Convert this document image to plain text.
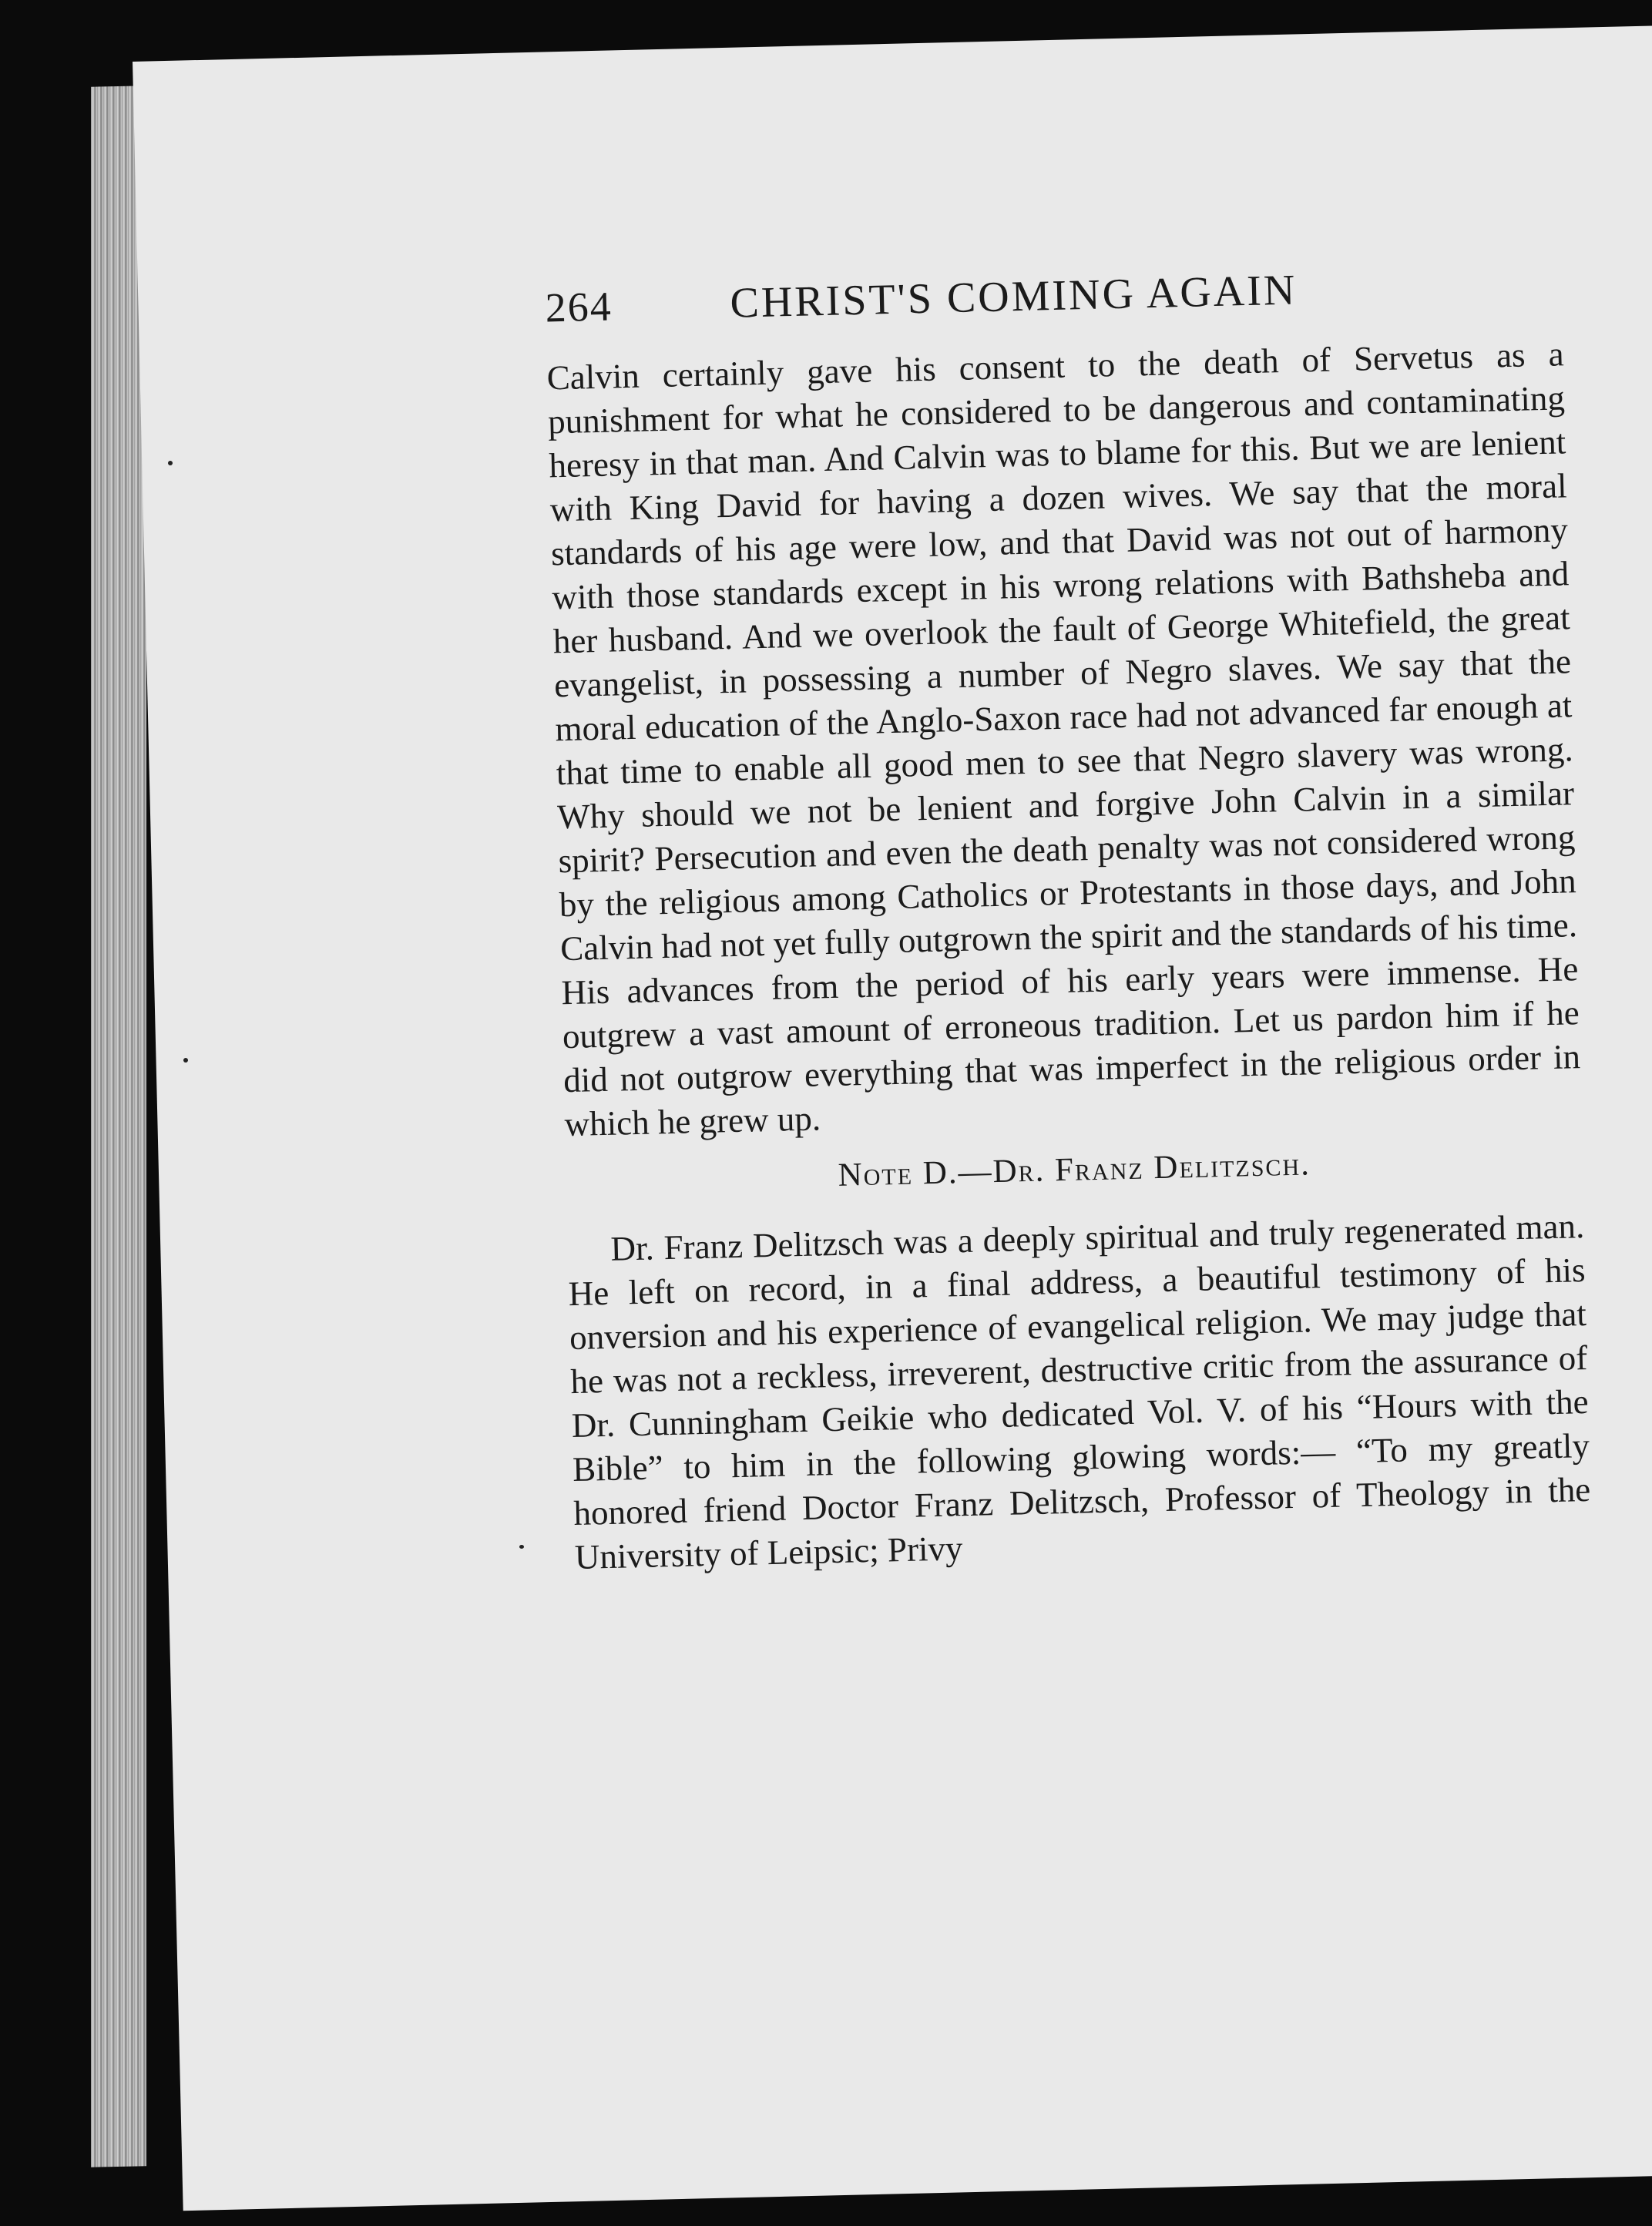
264	CHRIST'S COMING AGAIN

Calvin certainly gave his consent to the death of Servetus as a punishment for what he considered to be dangerous and contaminating heresy in that man. And Calvin was to blame for this. But we are lenient with King David for having a dozen wives. We say that the moral standards of his age were low, and that David was not out of harmony with those standards except in his wrong relations with Bathsheba and her husband. And we overlook the fault of George Whitefield, the great evangelist, in possessing a number of Negro slaves. We say that the moral education of the Anglo-Saxon race had not advanced far enough at that time to enable all good men to see that Negro slavery was wrong. Why should we not be lenient and forgive John Calvin in a similar spirit? Persecution and even the death penalty was not considered wrong by the religious among Catholics or Protestants in those days, and John Calvin had not yet fully outgrown the spirit and the standards of his time. His advances from the period of his early years were immense. He outgrew a vast amount of erroneous tradition. Let us pardon him if he did not outgrow everything that was imperfect in the religious order in which he grew up.

Note D.—Dr. Franz Delitzsch.

Dr. Franz Delitzsch was a deeply spiritual and truly regenerated man. He left on record, in a final address, a beautiful testimony of his onversion and his experience of evangelical religion. We may judge that he was not a reckless, irreverent, destructive critic from the assurance of Dr. Cunningham Geikie who dedicated Vol. V. of his “Hours with the Bible” to him in the following glowing words:— “To my greatly honored friend Doctor Franz Delitzsch, Professor of Theology in the University of Leipsic; Privy
